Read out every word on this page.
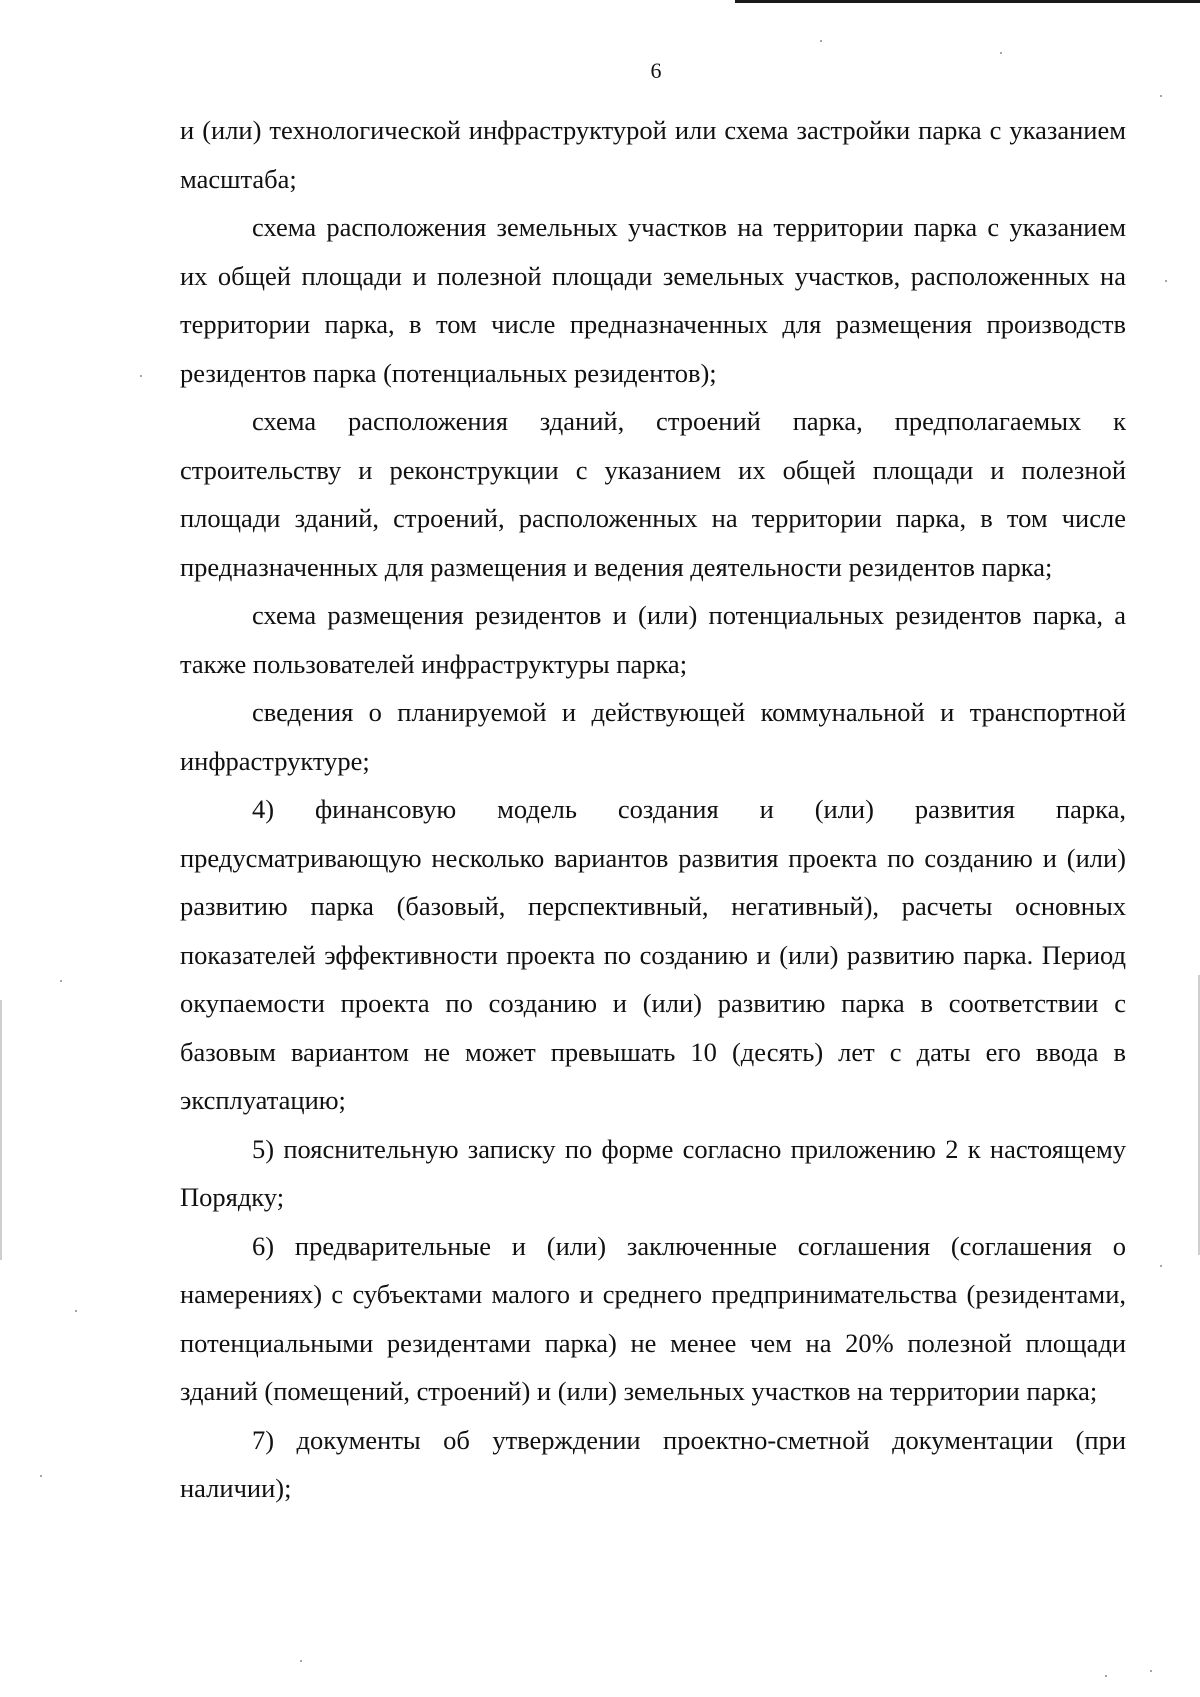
6

и (или) технологической инфраструктурой или схема застройки парка с указанием масштаба;

схема расположения земельных участков на территории парка с указанием их общей площади и полезной площади земельных участков, расположенных на территории парка, в том числе предназначенных для размещения производств резидентов парка (потенциальных резидентов);

схема расположения зданий, строений парка, предполагаемых к строительству и реконструкции с указанием их общей площади и полезной площади зданий, строений, расположенных на территории парка, в том числе предназначенных для размещения и ведения деятельности резидентов парка;

схема размещения резидентов и (или) потенциальных резидентов парка, а также пользователей инфраструктуры парка;

сведения о планируемой и действующей коммунальной и транспортной инфраструктуре;

4) финансовую модель создания и (или) развития парка, предусматривающую несколько вариантов развития проекта по созданию и (или) развитию парка (базовый, перспективный, негативный), расчеты основных показателей эффективности проекта по созданию и (или) развитию парка. Период окупаемости проекта по созданию и (или) развитию парка в соответствии с базовым вариантом не может превышать 10 (десять) лет с даты его ввода в эксплуатацию;

5) пояснительную записку по форме согласно приложению 2 к настоящему Порядку;

6) предварительные и (или) заключенные соглашения (соглашения о намерениях) с субъектами малого и среднего предпринимательства (резидентами, потенциальными резидентами парка) не менее чем на 20% полезной площади зданий (помещений, строений) и (или) земельных участков на территории парка;

7) документы об утверждении проектно-сметной документации (при наличии);
